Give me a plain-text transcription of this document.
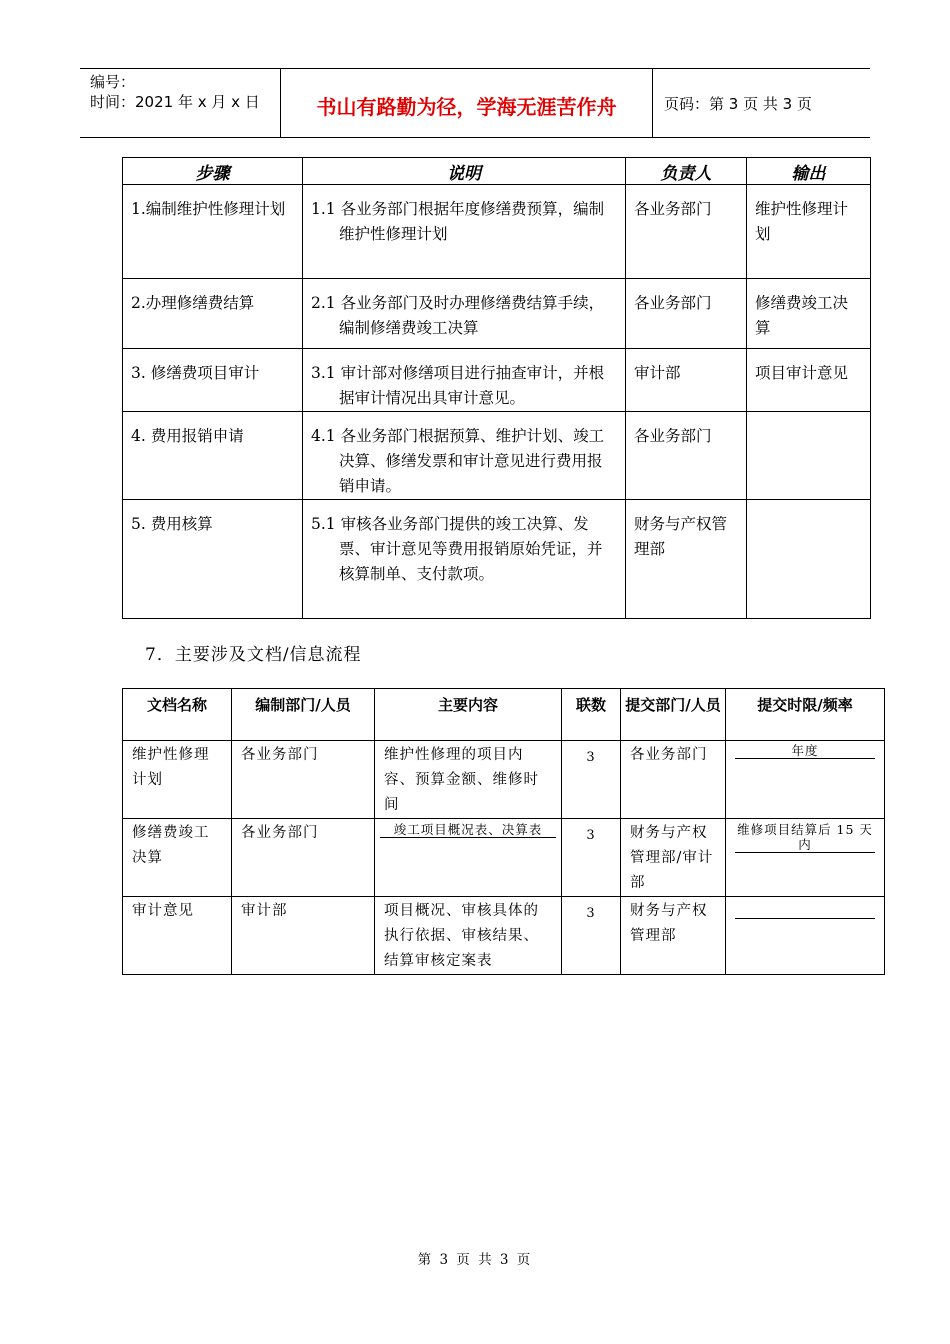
编号：
时间：2021 年 x 月 x 日	书山有路勤为径，学海无涯苦作舟	页码：第 3 页 共 3 页
步骤	说明	负责人	输出
1.编制维护性修理计划	1.1 各业务部门根据年度修缮费预算，编制维护性修理计划	各业务部门	维护性修理计划
2.办理修缮费结算	2.1 各业务部门及时办理修缮费结算手续，编制修缮费竣工决算	各业务部门	修缮费竣工决算
3. 修缮费项目审计	3.1 审计部对修缮项目进行抽查审计，并根据审计情况出具审计意见。	审计部	项目审计意见
4. 费用报销申请	4.1 各业务部门根据预算、维护计划、竣工决算、修缮发票和审计意见进行费用报销申请。	各业务部门	
5. 费用核算	5.1 审核各业务部门提供的竣工决算、发票、审计意见等费用报销原始凭证，并核算制单、支付款项。	财务与产权管理部	
7．主要涉及文档/信息流程
文档名称	编制部门/人员	主要内容	联数	提交部门/人员	提交时限/频率
维护性修理计划	各业务部门	维护性修理的项目内容、预算金额、维修时间	3	各业务部门	年度

修缮费竣工决算	各业务部门	竣工项目概况表、决算表	3	财务与产权管理部/审计部	维修项目结算后 15 天内

审计意见	审计部	项目概况、审核具体的执行依据、审核结果、结算审核定案表	3	财务与产权管理部	
第 3 页 共 3 页
